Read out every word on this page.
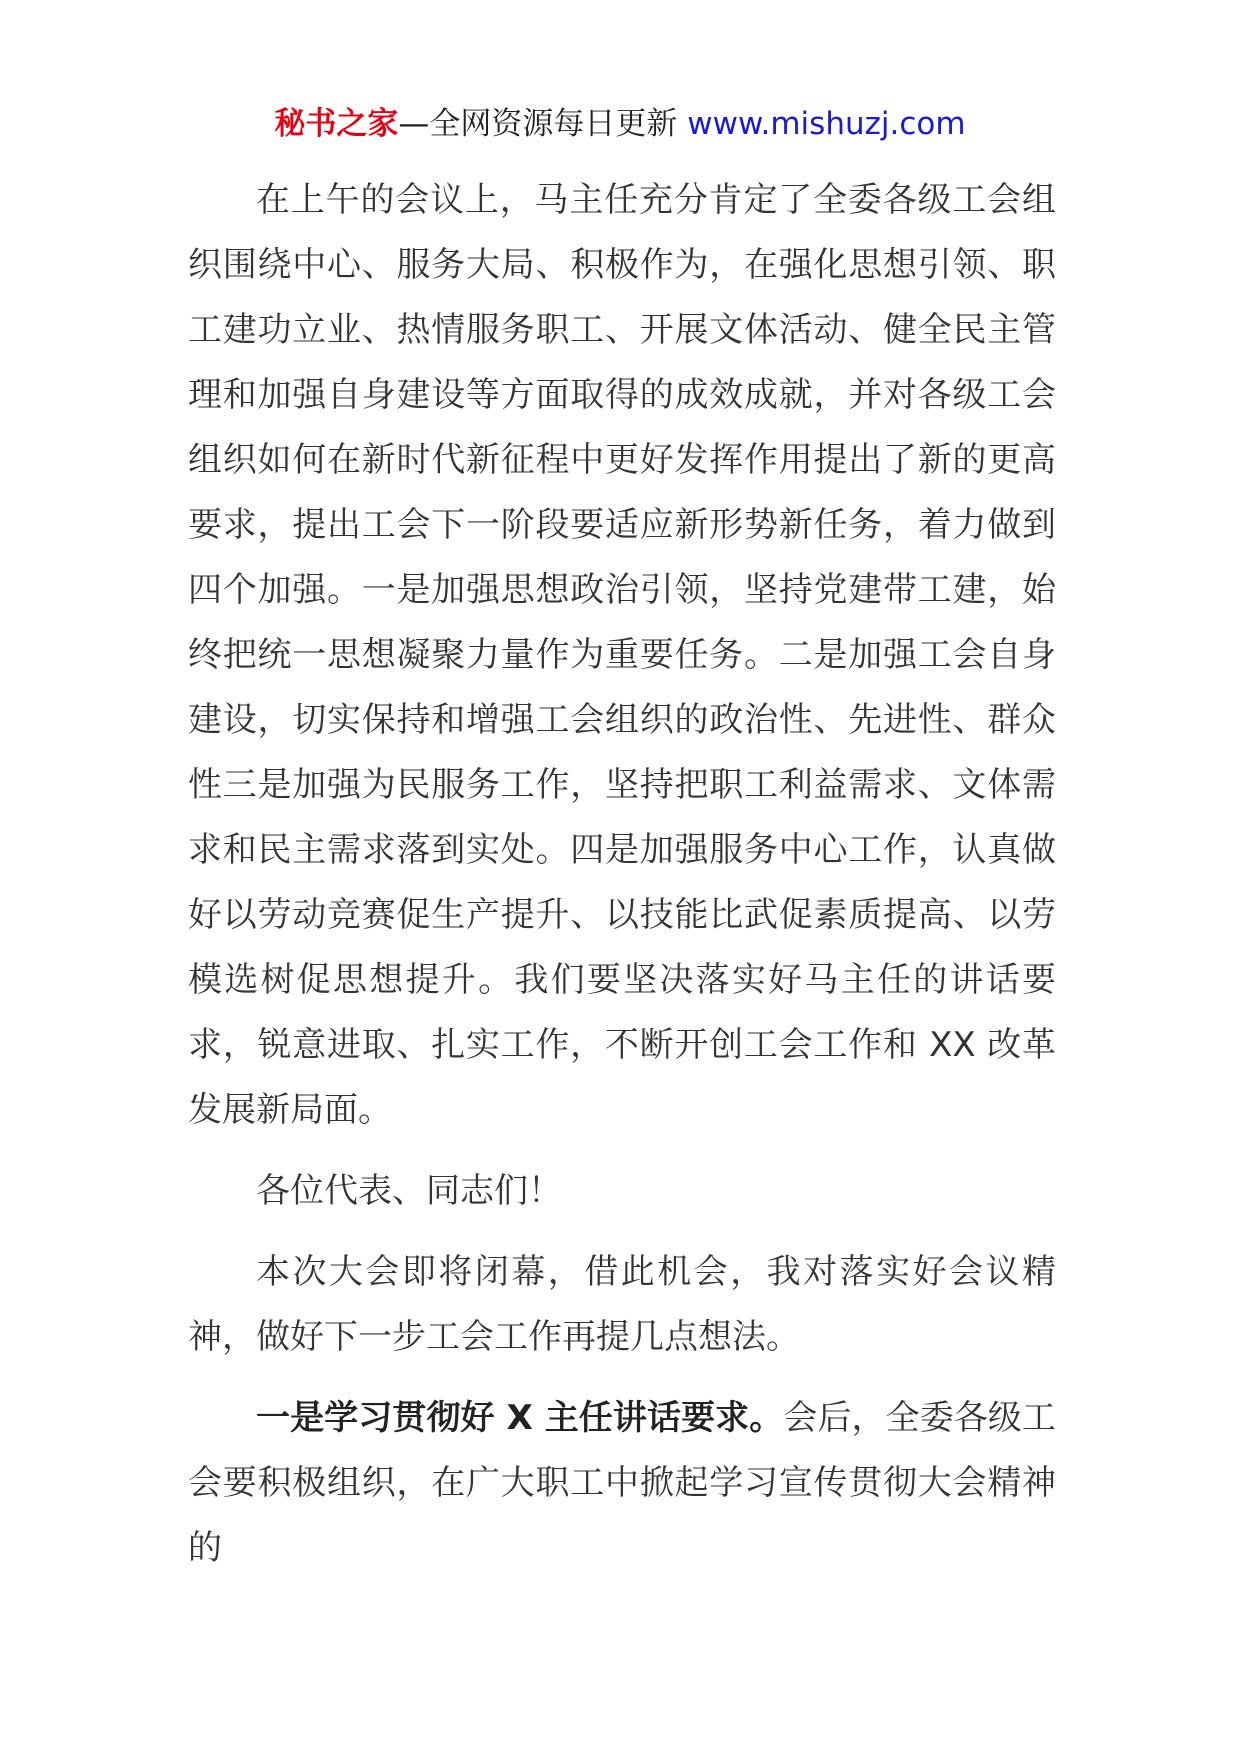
秘书之家—全网资源每日更新 www.mishuzj.com

在上午的会议上，马主任充分肯定了全委各级工会组织围绕中心、服务大局、积极作为，在强化思想引领、职工建功立业、热情服务职工、开展文体活动、健全民主管理和加强自身建设等方面取得的成效成就，并对各级工会组织如何在新时代新征程中更好发挥作用提出了新的更高要求，提出工会下一阶段要适应新形势新任务，着力做到四个加强。一是加强思想政治引领，坚持党建带工建，始终把统一思想凝聚力量作为重要任务。二是加强工会自身建设，切实保持和增强工会组织的政治性、先进性、群众性三是加强为民服务工作，坚持把职工利益需求、文体需求和民主需求落到实处。四是加强服务中心工作，认真做好以劳动竞赛促生产提升、以技能比武促素质提高、以劳模选树促思想提升。我们要坚决落实好马主任的讲话要求，锐意进取、扎实工作，不断开创工会工作和 XX 改革发展新局面。

各位代表、同志们！

本次大会即将闭幕，借此机会，我对落实好会议精神，做好下一步工会工作再提几点想法。

一是学习贯彻好 X 主任讲话要求。会后，全委各级工会要积极组织，在广大职工中掀起学习宣传贯彻大会精神的
